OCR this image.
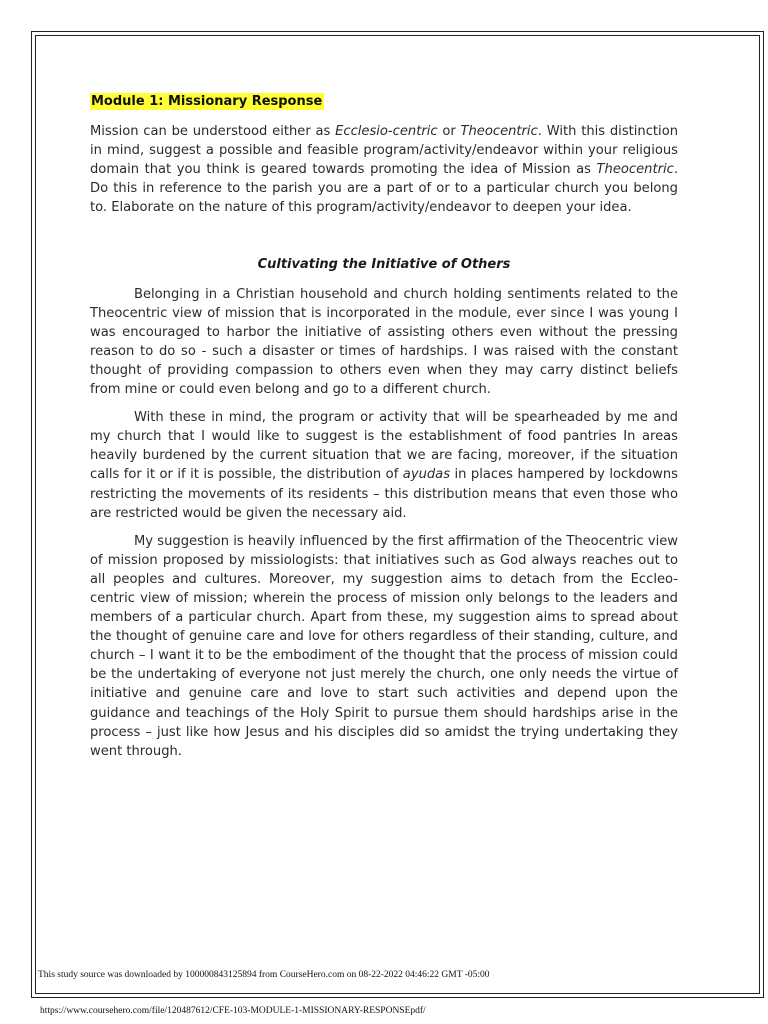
Module 1: Missionary Response

Mission can be understood either as Ecclesio-centric or Theocentric. With this distinction in mind, suggest a possible and feasible program/activity/endeavor within your religious domain that you think is geared towards promoting the idea of Mission as Theocentric. Do this in reference to the parish you are a part of or to a particular church you belong to. Elaborate on the nature of this program/activity/endeavor to deepen your idea.

Cultivating the Initiative of Others

Belonging in a Christian household and church holding sentiments related to the Theocentric view of mission that is incorporated in the module, ever since I was young I was encouraged to harbor the initiative of assisting others even without the pressing reason to do so - such a disaster or times of hardships. I was raised with the constant thought of providing compassion to others even when they may carry distinct beliefs from mine or could even belong and go to a different church.

With these in mind, the program or activity that will be spearheaded by me and my church that I would like to suggest is the establishment of food pantries In areas heavily burdened by the current situation that we are facing, moreover, if the situation calls for it or if it is possible, the distribution of ayudas in places hampered by lockdowns restricting the movements of its residents – this distribution means that even those who are restricted would be given the necessary aid.

My suggestion is heavily influenced by the first affirmation of the Theocentric view of mission proposed by missiologists: that initiatives such as God always reaches out to all peoples and cultures. Moreover, my suggestion aims to detach from the Eccleo-centric view of mission; wherein the process of mission only belongs to the leaders and members of a particular church. Apart from these, my suggestion aims to spread about the thought of genuine care and love for others regardless of their standing, culture, and church – I want it to be the embodiment of the thought that the process of mission could be the undertaking of everyone not just merely the church, one only needs the virtue of initiative and genuine care and love to start such activities and depend upon the guidance and teachings of the Holy Spirit to pursue them should hardships arise in the process – just like how Jesus and his disciples did so amidst the trying undertaking they went through.

This study source was downloaded by 100000843125894 from CourseHero.com on 08-22-2022 04:46:22 GMT -05:00
https://www.coursehero.com/file/120487612/CFE-103-MODULE-1-MISSIONARY-RESPONSEpdf/
